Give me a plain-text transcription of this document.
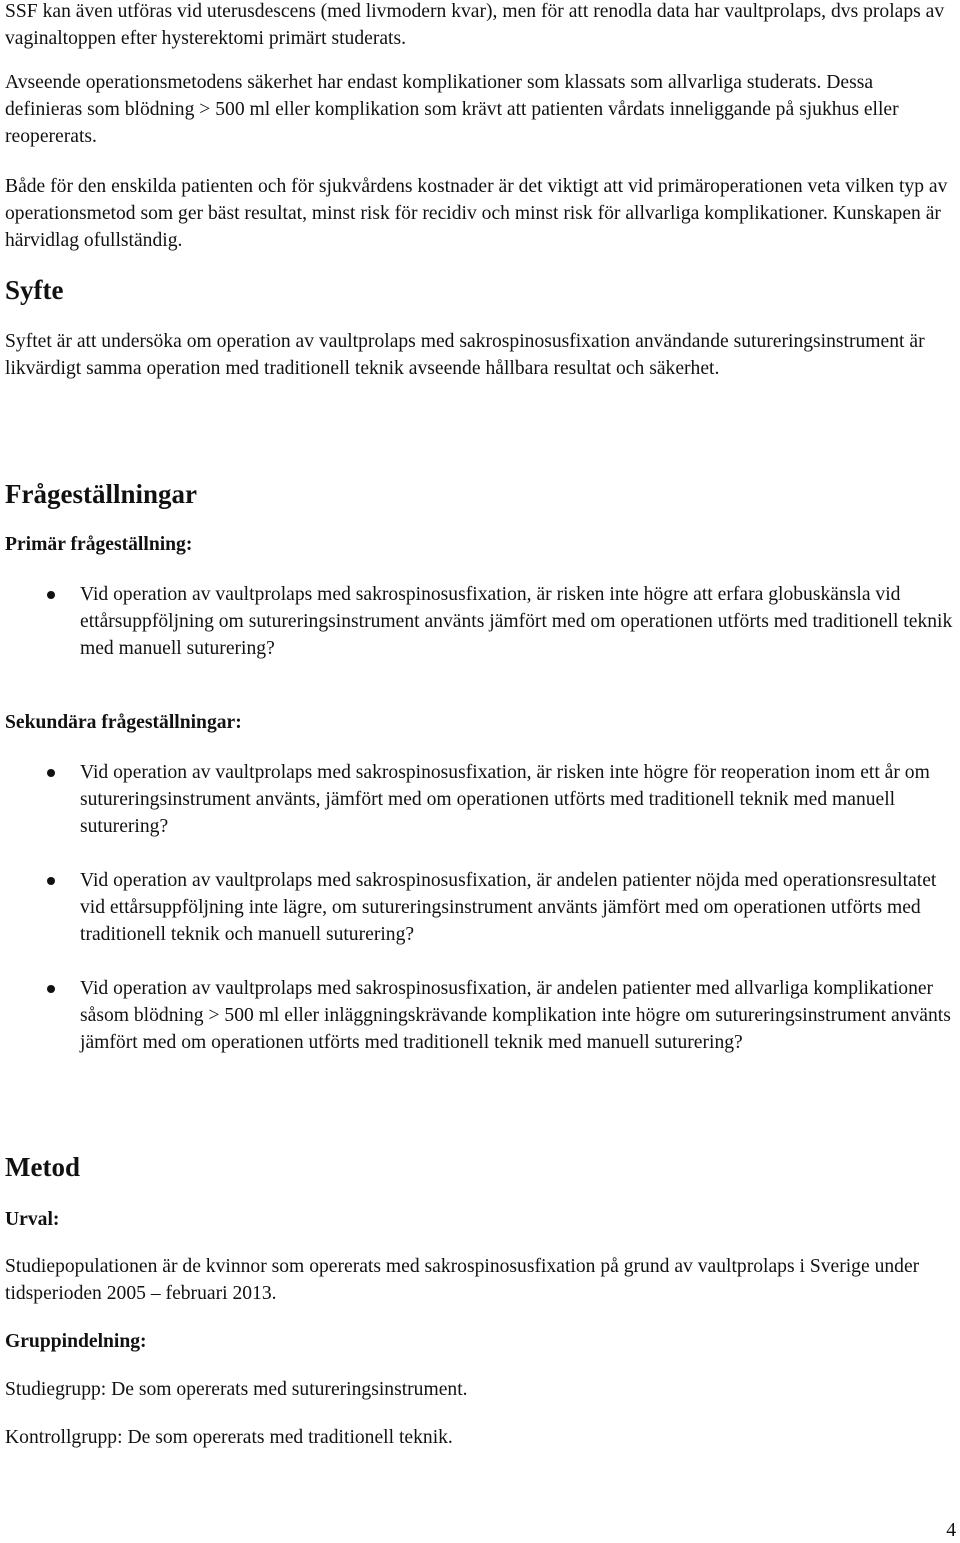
SSF kan även utföras vid uterusdescens (med livmodern kvar), men för att renodla data har vaultprolaps, dvs prolaps av vaginaltoppen efter hysterektomi primärt studerats.

Avseende operationsmetodens säkerhet har endast komplikationer som klassats som allvarliga studerats. Dessa definieras som blödning > 500 ml eller komplikation som krävt att patienten vårdats inneliggande på sjukhus eller reopererats.

Både för den enskilda patienten och för sjukvårdens kostnader är det viktigt att vid primäroperationen veta vilken typ av operationsmetod som ger bäst resultat, minst risk för recidiv och minst risk för allvarliga komplikationer. Kunskapen är härvidlag ofullständig.

Syfte

Syftet är att undersöka om operation av vaultprolaps med sakrospinosusfixation användande sutureringsinstrument är likvärdigt samma operation med traditionell teknik avseende hållbara resultat och säkerhet.

Frågeställningar
Primär frågeställning:
Vid operation av vaultprolaps med sakrospinosusfixation, är risken inte högre att erfara globuskänsla vid ettårsuppföljning om sutureringsinstrument använts jämfört med om operationen utförts med traditionell teknik med manuell suturering?
Sekundära frågeställningar:
Vid operation av vaultprolaps med sakrospinosusfixation, är risken inte högre för reoperation inom ett år om sutureringsinstrument använts, jämfört med om operationen utförts med traditionell teknik med manuell suturering?
Vid operation av vaultprolaps med sakrospinosusfixation, är andelen patienter nöjda med operationsresultatet vid ettårsuppföljning inte lägre, om sutureringsinstrument använts jämfört med om operationen utförts med traditionell teknik och manuell suturering?
Vid operation av vaultprolaps med sakrospinosusfixation, är andelen patienter med allvarliga komplikationer såsom blödning > 500 ml eller inläggningskrävande komplikation inte högre om sutureringsinstrument använts jämfört med om operationen utförts med traditionell teknik med manuell suturering?
Metod
Urval:

Studiepopulationen är de kvinnor som opererats med sakrospinosusfixation på grund av vaultprolaps i Sverige under tidsperioden 2005 – februari 2013.

Gruppindelning:

Studiegrupp: De som opererats med sutureringsinstrument.

Kontrollgrupp: De som opererats med traditionell teknik.

4
